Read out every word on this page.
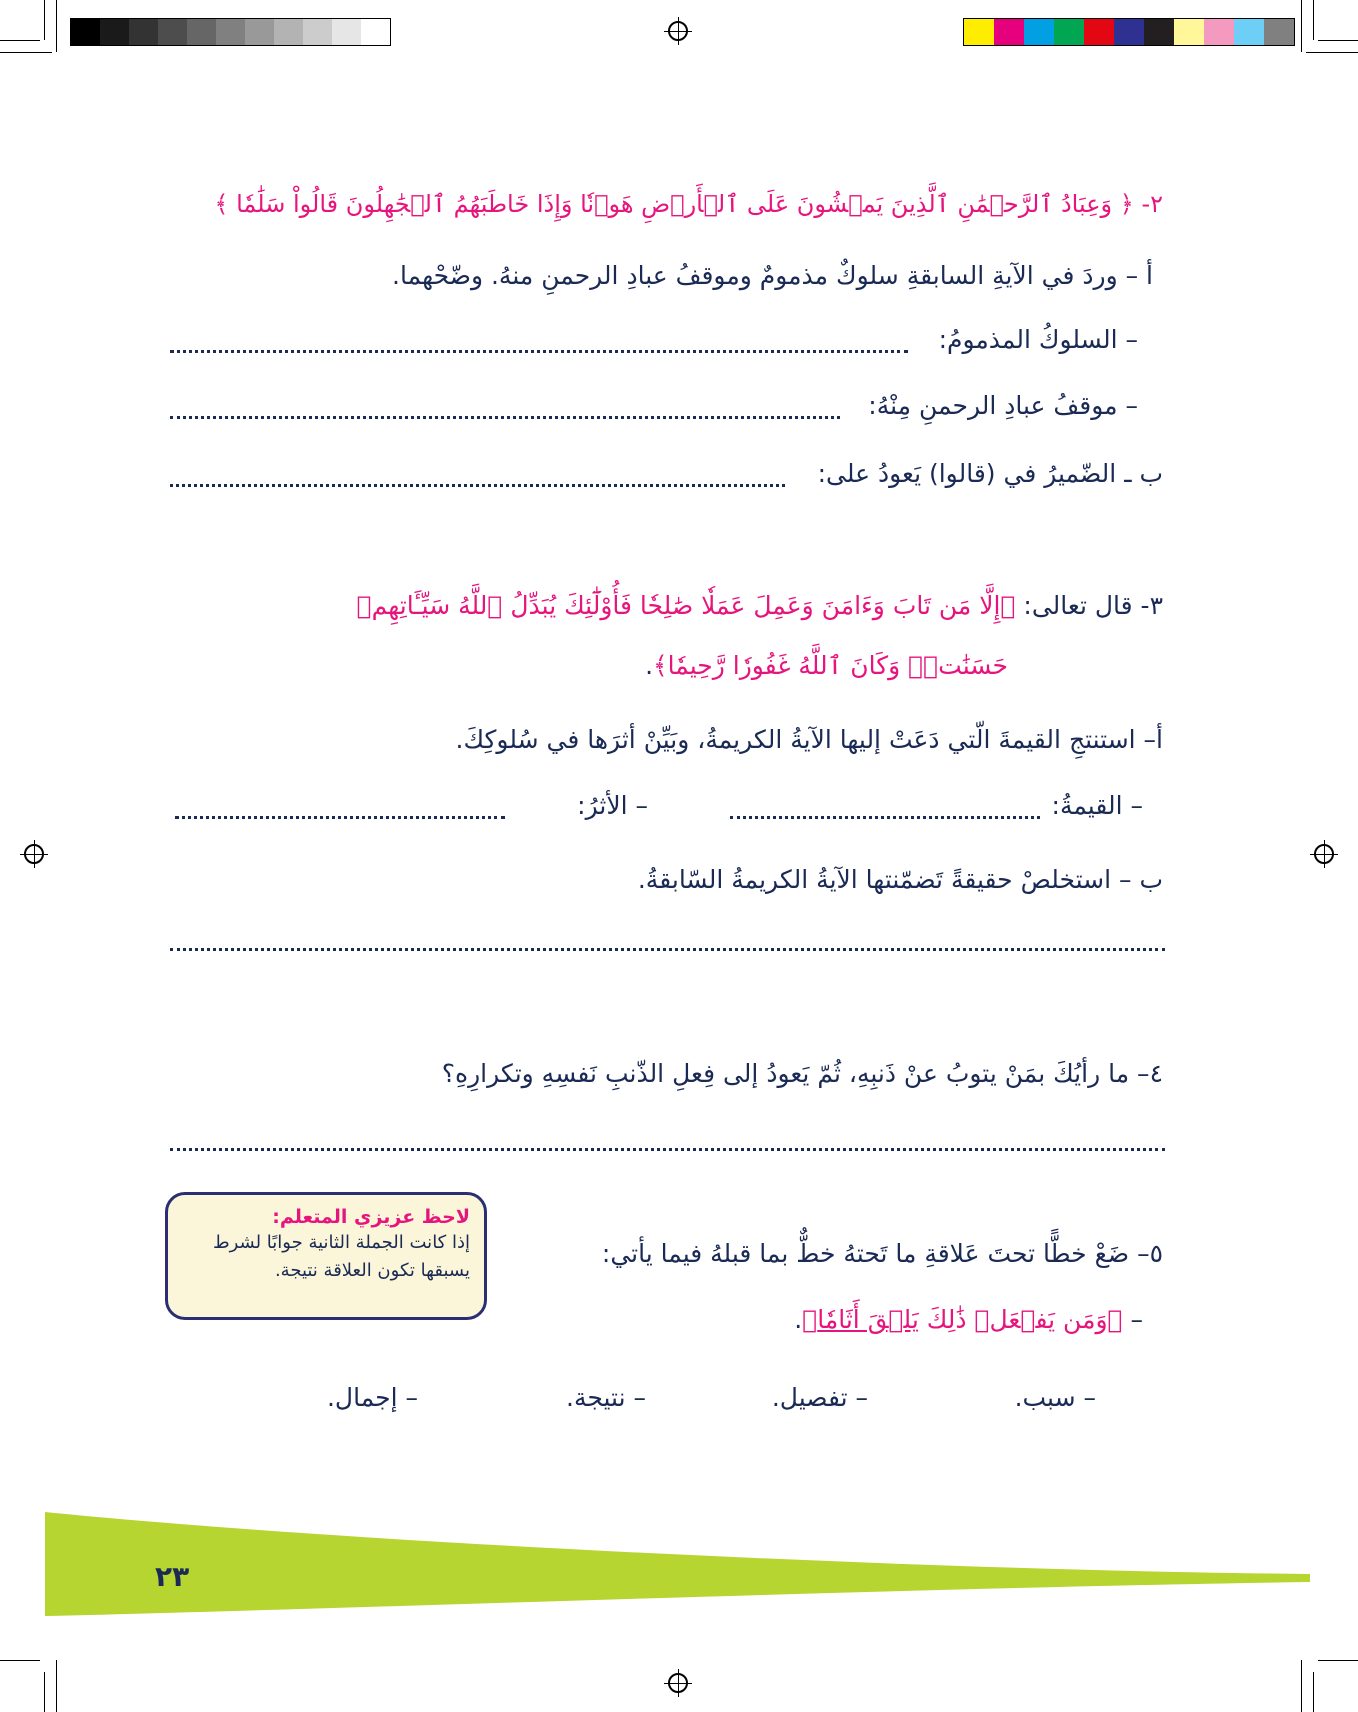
٢- ﴿ وَعِبَادُ ٱلرَّحۡمَٰنِ ٱلَّذِينَ يَمۡشُونَ عَلَى ٱلۡأَرۡضِ هَوۡنٗا وَإِذَا خَاطَبَهُمُ ٱلۡجَٰهِلُونَ قَالُواْ سَلَٰمٗا ﴾
أ – وردَ في الآيةِ السابقةِ سلوكٌ مذمومٌ وموقفُ عبادِ الرحمنِ منهُ. وضّحْهما.
– السلوكُ المذمومُ:
– موقفُ عبادِ الرحمنِ مِنْهُ:
ب ـ الضّميرُ في (قالوا) يَعودُ على:
٣- قال تعالى: ﴿إِلَّا مَن تَابَ وَءَامَنَ وَعَمِلَ عَمَلٗا صَٰلِحٗا فَأُوْلَٰٓئِكَ يُبَدِّلُ ٱللَّهُ سَيِّـَٔاتِهِمۡ
حَسَنَٰتٖۗ وَكَانَ ٱللَّهُ غَفُورٗا رَّحِيمٗا﴾.
أ– استنتجِ القيمةَ الّتي دَعَتْ إليها الآيةُ الكريمةُ، وبَيِّنْ أثرَها في سُلوكِكَ.
– القيمةُ:
– الأثرُ:
ب – استخلصْ حقيقةً تَضمّنتها الآيةُ الكريمةُ السّابقةُ.
٤– ما رأيُكَ بمَنْ يتوبُ عنْ ذَنبِهِ، ثُمّ يَعودُ إلى فِعلِ الذّنبِ نَفسِهِ وتكرارِهِ؟
لاحظ عزيزي المتعلم:
إذا كانت الجملة الثانية جوابًا لشرط
يسبقها تكون العلاقة نتيجة.
٥– ضَعْ خطًّا تحتَ عَلاقةِ ما تَحتهُ خطٌّ بما قبلهُ فيما يأتي:
– ﴿وَمَن يَفۡعَلۡ ذَٰلِكَ يَلۡقَ أَثَامٗا﴾.
– سبب.
– تفصيل.
– نتيجة.
– إجمال.
٢٣
